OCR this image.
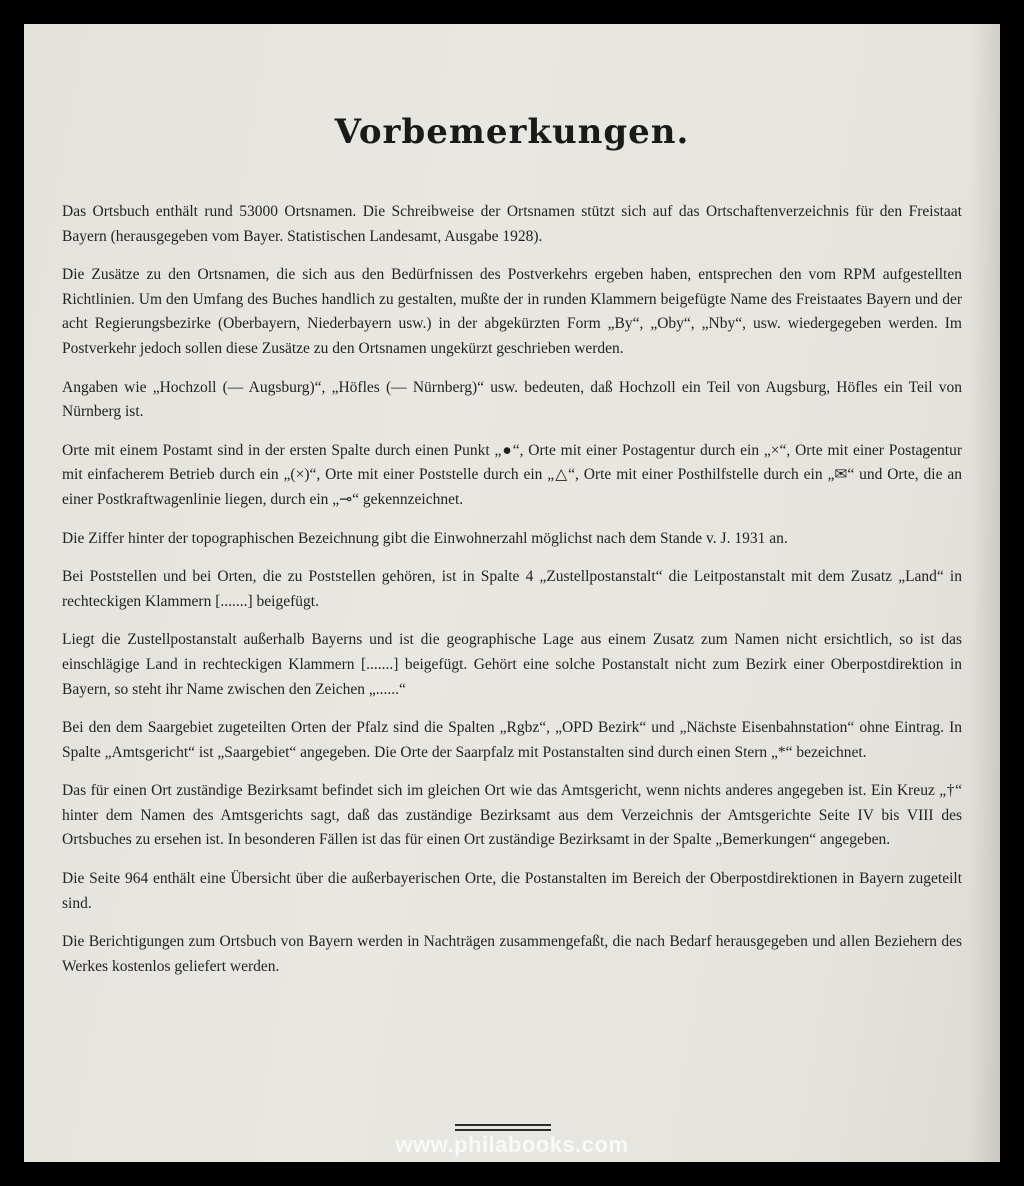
Vorbemerkungen.

Das Ortsbuch enthält rund 53000 Ortsnamen. Die Schreibweise der Ortsnamen stützt sich auf das Ortschaftenverzeichnis für den Freistaat Bayern (herausgegeben vom Bayer. Statistischen Landesamt, Ausgabe 1928).

Die Zusätze zu den Ortsnamen, die sich aus den Bedürfnissen des Postverkehrs ergeben haben, entsprechen den vom RPM aufgestellten Richtlinien. Um den Umfang des Buches handlich zu gestalten, mußte der in runden Klammern beigefügte Name des Freistaates Bayern und der acht Regierungsbezirke (Oberbayern, Niederbayern usw.) in der abgekürzten Form „By“, „Oby“, „Nby“, usw. wiedergegeben werden. Im Postverkehr jedoch sollen diese Zusätze zu den Ortsnamen ungekürzt geschrieben werden.

Angaben wie „Hochzoll (— Augsburg)“, „Höfles (— Nürnberg)“ usw. bedeuten, daß Hochzoll ein Teil von Augsburg, Höfles ein Teil von Nürnberg ist.

Orte mit einem Postamt sind in der ersten Spalte durch einen Punkt „●“, Orte mit einer Postagentur durch ein „×“, Orte mit einer Postagentur mit einfacherem Betrieb durch ein „(×)“, Orte mit einer Poststelle durch ein „△“, Orte mit einer Posthilfstelle durch ein „✉“ und Orte, die an einer Postkraftwagenlinie liegen, durch ein „⊸“ gekennzeichnet.

Die Ziffer hinter der topographischen Bezeichnung gibt die Einwohnerzahl möglichst nach dem Stande v. J. 1931 an.

Bei Poststellen und bei Orten, die zu Poststellen gehören, ist in Spalte 4 „Zustellpostanstalt“ die Leitpostanstalt mit dem Zusatz „Land“ in rechteckigen Klammern [.......] beigefügt.

Liegt die Zustellpostanstalt außerhalb Bayerns und ist die geographische Lage aus einem Zusatz zum Namen nicht ersichtlich, so ist das einschlägige Land in rechteckigen Klammern [.......] beigefügt. Gehört eine solche Postanstalt nicht zum Bezirk einer Oberpostdirektion in Bayern, so steht ihr Name zwischen den Zeichen „......“

Bei den dem Saargebiet zugeteilten Orten der Pfalz sind die Spalten „Rgbz“, „OPD Bezirk“ und „Nächste Eisenbahnstation“ ohne Eintrag. In Spalte „Amtsgericht“ ist „Saargebiet“ angegeben. Die Orte der Saarpfalz mit Postanstalten sind durch einen Stern „*“ bezeichnet.

Das für einen Ort zuständige Bezirksamt befindet sich im gleichen Ort wie das Amtsgericht, wenn nichts anderes angegeben ist. Ein Kreuz „†“ hinter dem Namen des Amtsgerichts sagt, daß das zuständige Bezirksamt aus dem Verzeichnis der Amtsgerichte Seite IV bis VIII des Ortsbuches zu ersehen ist. In besonderen Fällen ist das für einen Ort zuständige Bezirksamt in der Spalte „Bemerkungen“ angegeben.

Die Seite 964 enthält eine Übersicht über die außerbayerischen Orte, die Postanstalten im Bereich der Oberpostdirektionen in Bayern zugeteilt sind.

Die Berichtigungen zum Ortsbuch von Bayern werden in Nachträgen zusammengefaßt, die nach Bedarf herausgegeben und allen Beziehern des Werkes kostenlos geliefert werden.

www.philabooks.com
